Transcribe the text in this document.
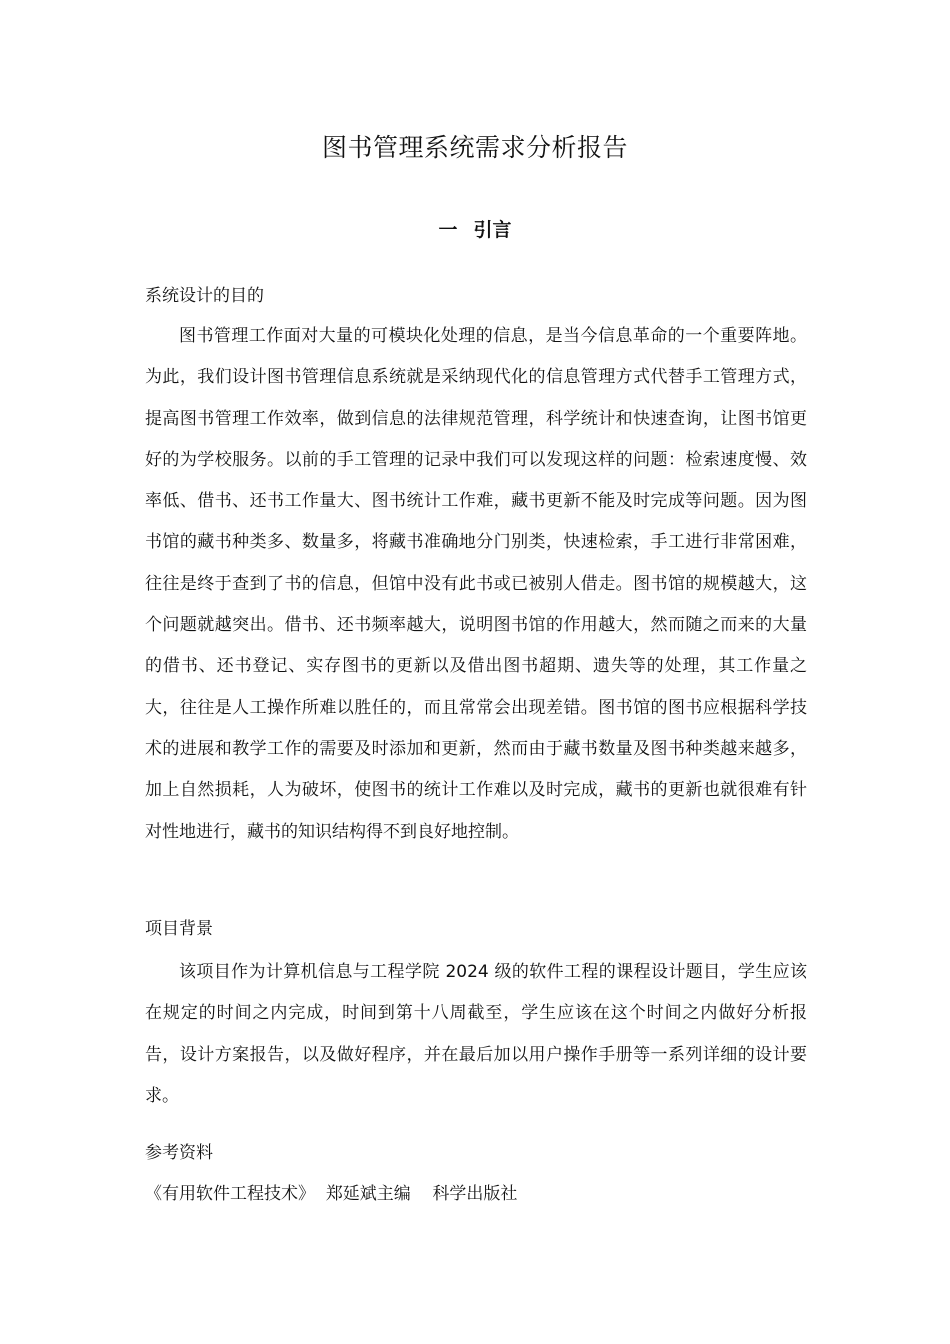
图书管理系统需求分析报告
一 引言
系统设计的目的

图书管理工作面对大量的可模块化处理的信息，是当今信息革命的一个重要阵地。为此，我们设计图书管理信息系统就是采纳现代化的信息管理方式代替手工管理方式，提高图书管理工作效率，做到信息的法律规范管理，科学统计和快速查询，让图书馆更好的为学校服务。以前的手工管理的记录中我们可以发现这样的问题：检索速度慢、效率低、借书、还书工作量大、图书统计工作难，藏书更新不能及时完成等问题。因为图书馆的藏书种类多、数量多，将藏书准确地分门别类，快速检索，手工进行非常困难，往往是终于查到了书的信息，但馆中没有此书或已被别人借走。图书馆的规模越大，这个问题就越突出。借书、还书频率越大，说明图书馆的作用越大，然而随之而来的大量的借书、还书登记、实存图书的更新以及借出图书超期、遗失等的处理，其工作量之大，往往是人工操作所难以胜任的，而且常常会出现差错。图书馆的图书应根据科学技术的进展和教学工作的需要及时添加和更新，然而由于藏书数量及图书种类越来越多，加上自然损耗，人为破坏，使图书的统计工作难以及时完成，藏书的更新也就很难有针对性地进行，藏书的知识结构得不到良好地控制。

项目背景

该项目作为计算机信息与工程学院 2024 级的软件工程的课程设计题目，学生应该在规定的时间之内完成，时间到第十八周截至，学生应该在这个时间之内做好分析报告，设计方案报告，以及做好程序，并在最后加以用户操作手册等一系列详细的设计要求。

参考资料
《有用软件工程技术》 郑延斌主编 科学出版社
